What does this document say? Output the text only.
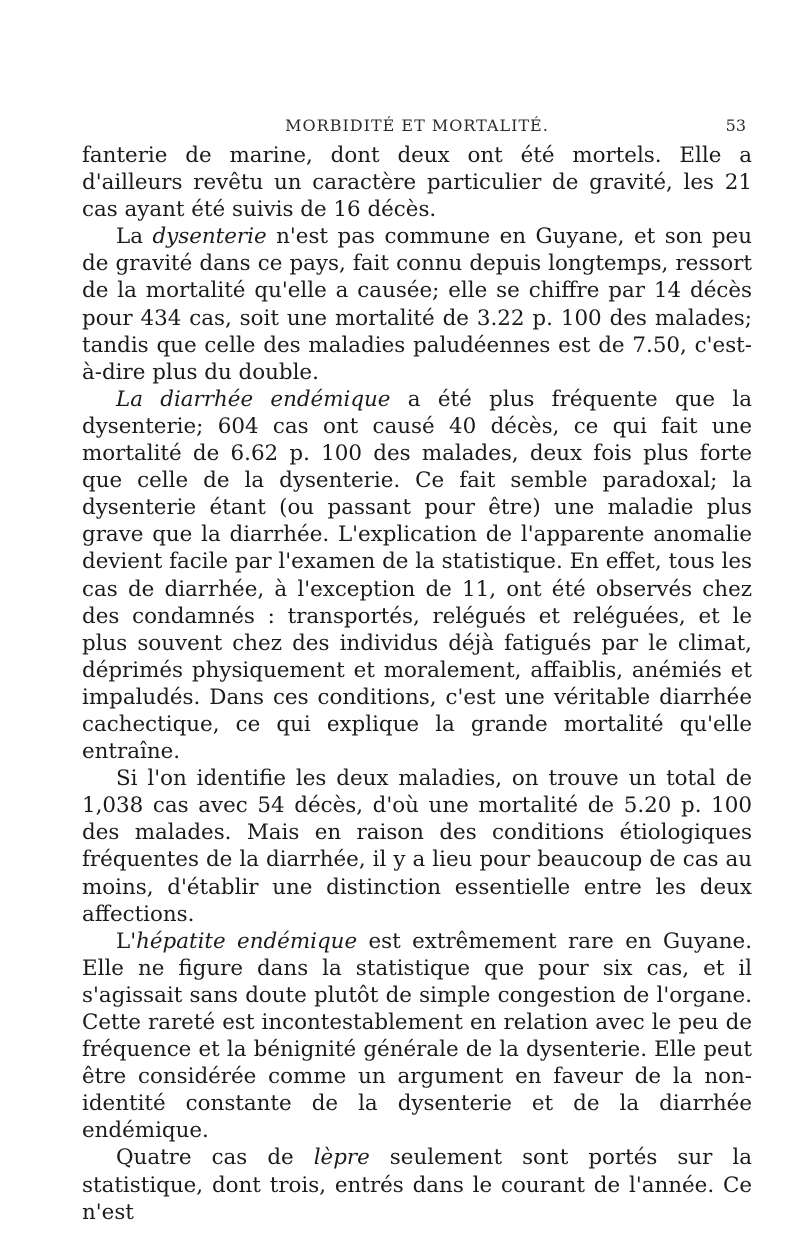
MORBIDITÉ ET MORTALITÉ.	53

fanterie de marine, dont deux ont été mortels. Elle a d'ailleurs revêtu un caractère particulier de gravité, les 21 cas ayant été suivis de 16 décès.

La dysenterie n'est pas commune en Guyane, et son peu de gravité dans ce pays, fait connu depuis longtemps, ressort de la mortalité qu'elle a causée; elle se chiffre par 14 décès pour 434 cas, soit une mortalité de 3.22 p. 100 des malades; tandis que celle des maladies paludéennes est de 7.50, c'est-à-dire plus du double.

La diarrhée endémique a été plus fréquente que la dysenterie; 604 cas ont causé 40 décès, ce qui fait une mortalité de 6.62 p. 100 des malades, deux fois plus forte que celle de la dysenterie. Ce fait semble paradoxal; la dysenterie étant (ou passant pour être) une maladie plus grave que la diarrhée. L'explication de l'apparente anomalie devient facile par l'examen de la statistique. En effet, tous les cas de diarrhée, à l'exception de 11, ont été observés chez des condamnés : transportés, relégués et reléguées, et le plus souvent chez des individus déjà fatigués par le climat, déprimés physiquement et moralement, affaiblis, anémiés et impaludés. Dans ces conditions, c'est une véritable diarrhée cachectique, ce qui explique la grande mortalité qu'elle entraîne.

Si l'on identifie les deux maladies, on trouve un total de 1,038 cas avec 54 décès, d'où une mortalité de 5.20 p. 100 des malades. Mais en raison des conditions étiologiques fréquentes de la diarrhée, il y a lieu pour beaucoup de cas au moins, d'établir une distinction essentielle entre les deux affections.

L'hépatite endémique est extrêmement rare en Guyane. Elle ne figure dans la statistique que pour six cas, et il s'agissait sans doute plutôt de simple congestion de l'organe. Cette rareté est incontestablement en relation avec le peu de fréquence et la bénignité générale de la dysenterie. Elle peut être considérée comme un argument en faveur de la non-identité constante de la dysenterie et de la diarrhée endémique.

Quatre cas de lèpre seulement sont portés sur la statistique, dont trois, entrés dans le courant de l'année. Ce n'est
